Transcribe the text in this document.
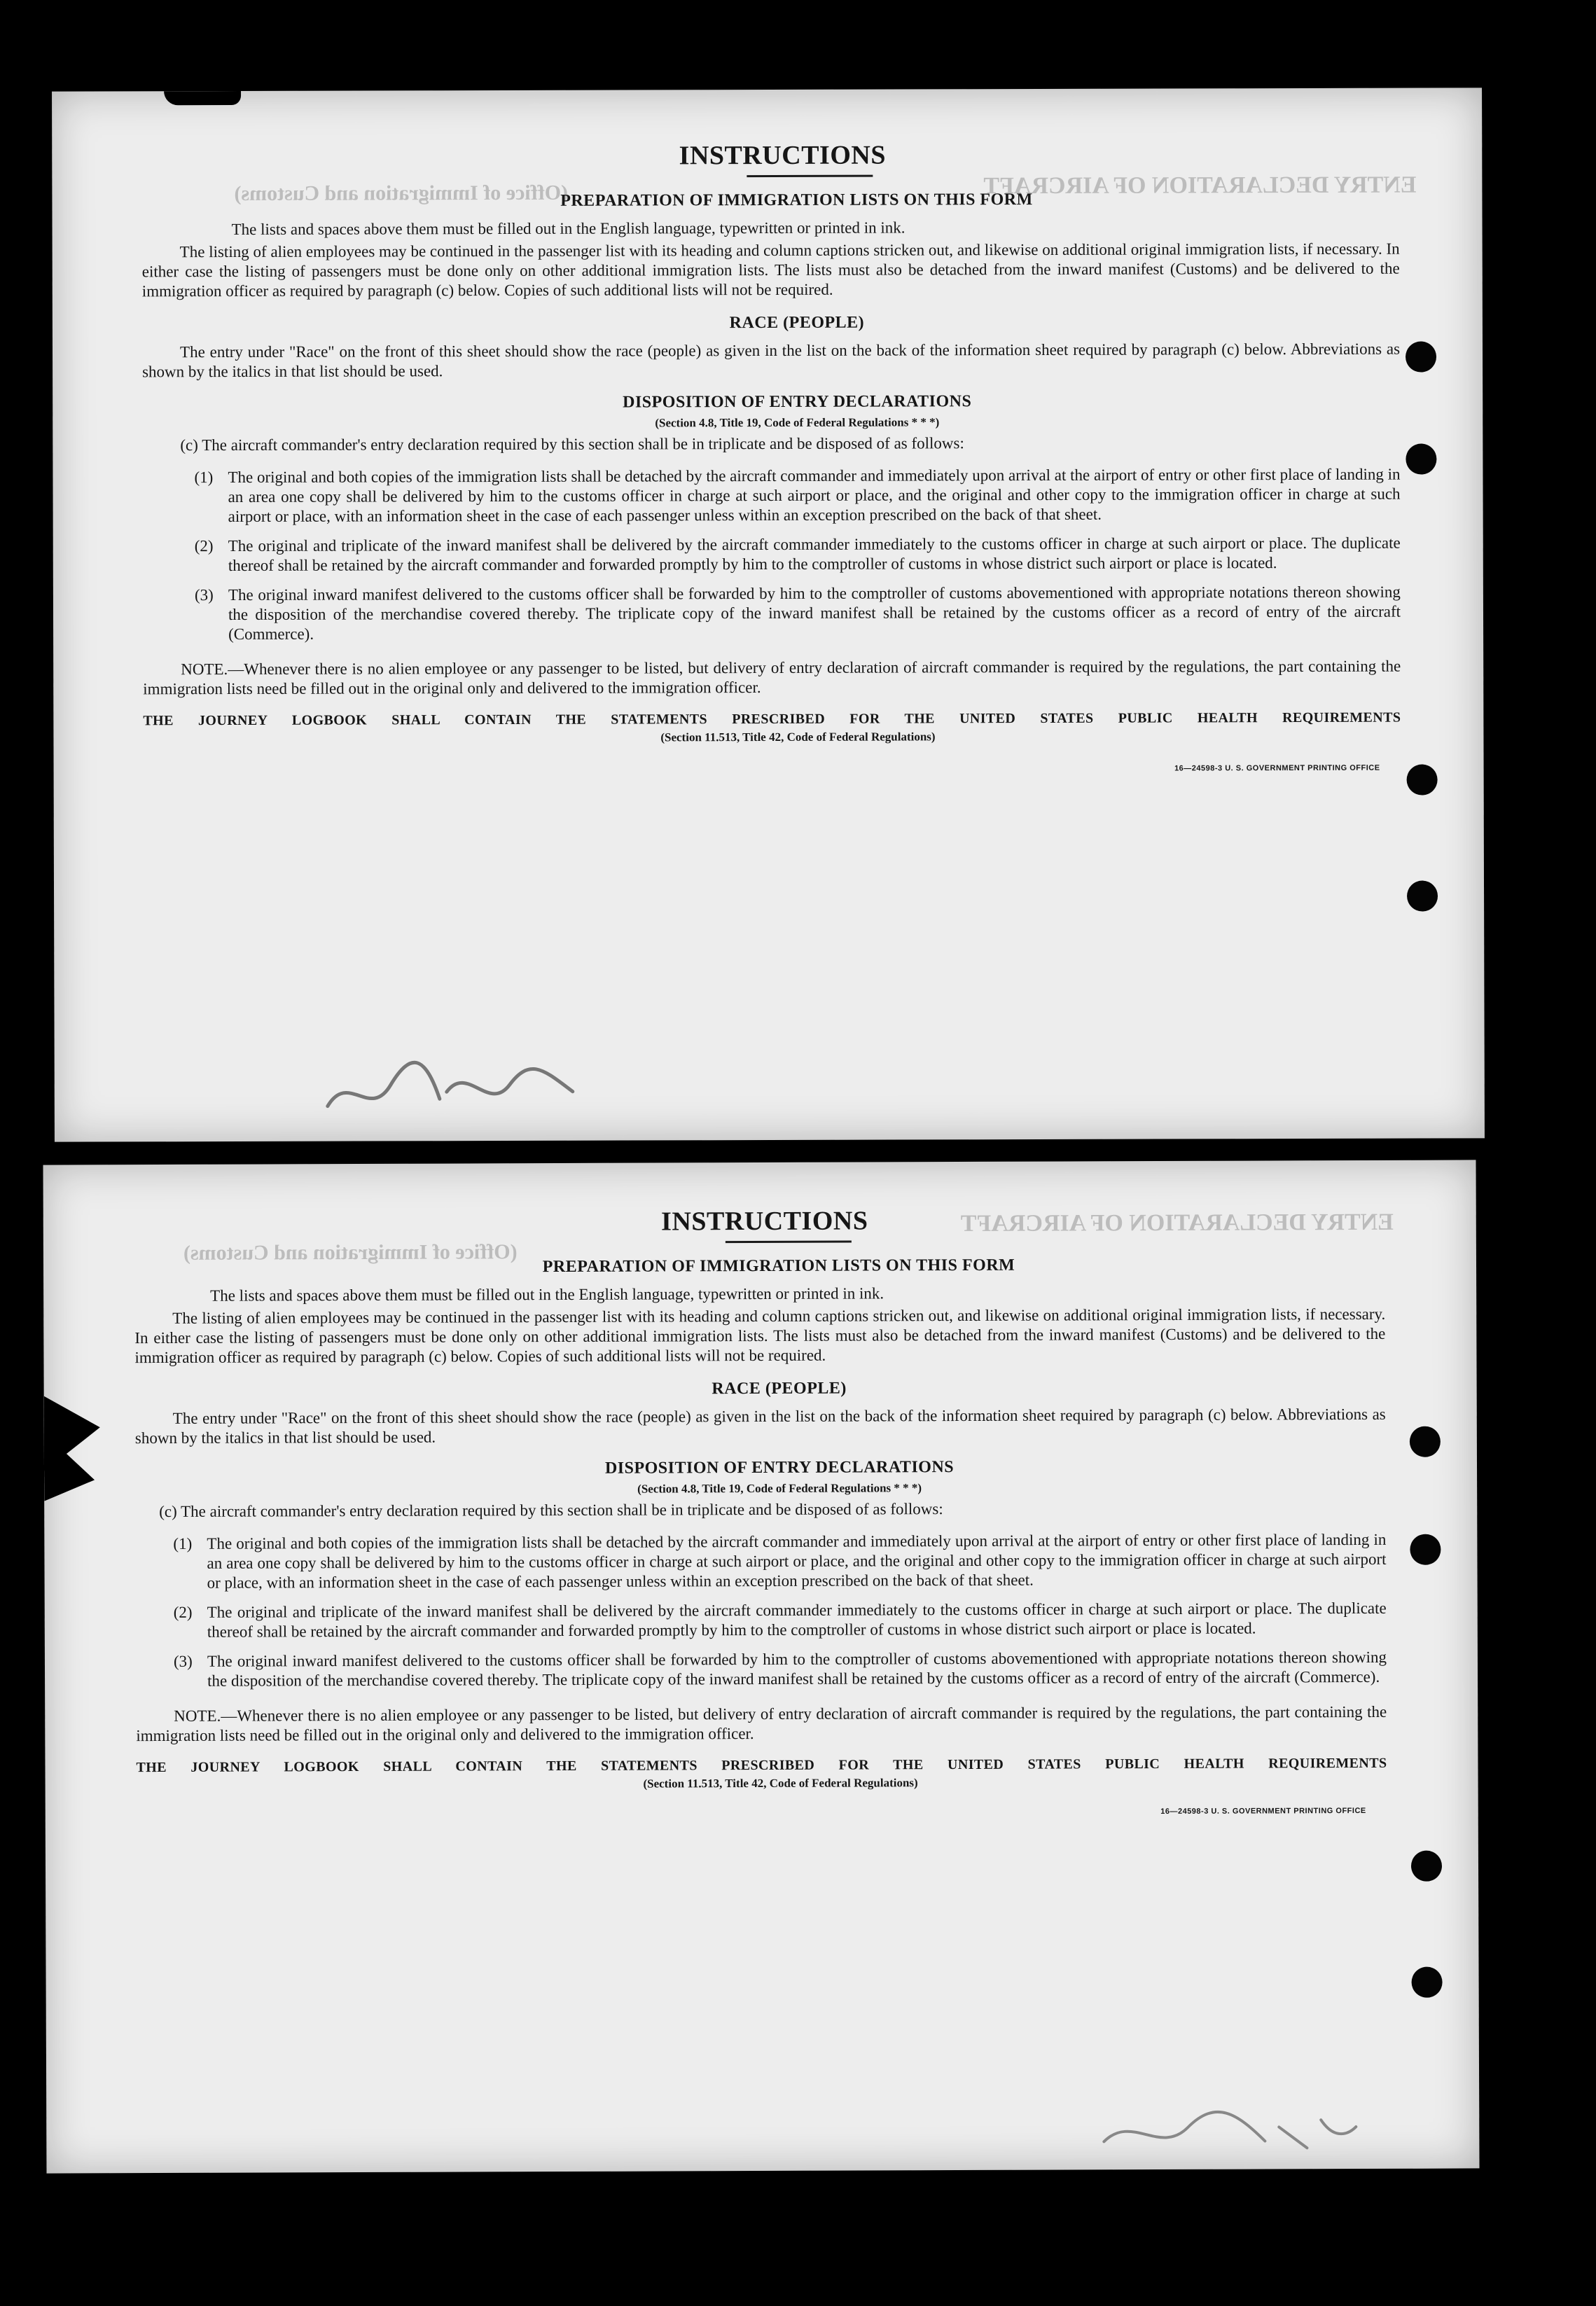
ENTRY DECLARATION OF AIRCRAFT
(Office of Immigration and Customs)
INSTRUCTIONS
PREPARATION OF IMMIGRATION LISTS ON THIS FORM
The lists and spaces above them must be filled out in the English language, typewritten or printed in ink.
The listing of alien employees may be continued in the passenger list with its heading and column captions stricken out, and likewise on additional original immigration lists, if necessary. In either case the listing of passengers must be done only on other additional immigration lists. The lists must also be detached from the inward manifest (Customs) and be delivered to the immigration officer as required by paragraph (c) below. Copies of such additional lists will not be required.
RACE (PEOPLE)
The entry under "Race" on the front of this sheet should show the race (people) as given in the list on the back of the information sheet required by paragraph (c) below. Abbreviations as shown by the italics in that list should be used.
DISPOSITION OF ENTRY DECLARATIONS
(Section 4.8, Title 19, Code of Federal Regulations * * *)
(c) The aircraft commander's entry declaration required by this section shall be in triplicate and be disposed of as follows:
(1) The original and both copies of the immigration lists shall be detached by the aircraft commander and immediately upon arrival at the airport of entry or other first place of landing in an area one copy shall be delivered by him to the customs officer in charge at such airport or place, and the original and other copy to the immigration officer in charge at such airport or place, with an information sheet in the case of each passenger unless within an exception prescribed on the back of that sheet.
(2) The original and triplicate of the inward manifest shall be delivered by the aircraft commander immediately to the customs officer in charge at such airport or place. The duplicate thereof shall be retained by the aircraft commander and forwarded promptly by him to the comptroller of customs in whose district such airport or place is located.
(3) The original inward manifest delivered to the customs officer shall be forwarded by him to the comptroller of customs abovementioned with appropriate notations thereon showing the disposition of the merchandise covered thereby. The triplicate copy of the inward manifest shall be retained by the customs officer as a record of entry of the aircraft (Commerce).
NOTE.—Whenever there is no alien employee or any passenger to be listed, but delivery of entry declaration of aircraft commander is required by the regulations, the part containing the immigration lists need be filled out in the original only and delivered to the immigration officer.
THE JOURNEY LOGBOOK SHALL CONTAIN THE STATEMENTS PRESCRIBED FOR THE UNITED STATES PUBLIC HEALTH REQUIREMENTS
(Section 11.513, Title 42, Code of Federal Regulations)
16—24598-3 U. S. GOVERNMENT PRINTING OFFICE
ENTRY DECLARATION OF AIRCRAFT
(Office of Immigration and Customs)
INSTRUCTIONS
PREPARATION OF IMMIGRATION LISTS ON THIS FORM
The lists and spaces above them must be filled out in the English language, typewritten or printed in ink.
The listing of alien employees may be continued in the passenger list with its heading and column captions stricken out, and likewise on additional original immigration lists, if necessary. In either case the listing of passengers must be done only on other additional immigration lists. The lists must also be detached from the inward manifest (Customs) and be delivered to the immigration officer as required by paragraph (c) below. Copies of such additional lists will not be required.
RACE (PEOPLE)
The entry under "Race" on the front of this sheet should show the race (people) as given in the list on the back of the information sheet required by paragraph (c) below. Abbreviations as shown by the italics in that list should be used.
DISPOSITION OF ENTRY DECLARATIONS
(Section 4.8, Title 19, Code of Federal Regulations * * *)
(c) The aircraft commander's entry declaration required by this section shall be in triplicate and be disposed of as follows:
(1) The original and both copies of the immigration lists shall be detached by the aircraft commander and immediately upon arrival at the airport of entry or other first place of landing in an area one copy shall be delivered by him to the customs officer in charge at such airport or place, and the original and other copy to the immigration officer in charge at such airport or place, with an information sheet in the case of each passenger unless within an exception prescribed on the back of that sheet.
(2) The original and triplicate of the inward manifest shall be delivered by the aircraft commander immediately to the customs officer in charge at such airport or place. The duplicate thereof shall be retained by the aircraft commander and forwarded promptly by him to the comptroller of customs in whose district such airport or place is located.
(3) The original inward manifest delivered to the customs officer shall be forwarded by him to the comptroller of customs abovementioned with appropriate notations thereon showing the disposition of the merchandise covered thereby. The triplicate copy of the inward manifest shall be retained by the customs officer as a record of entry of the aircraft (Commerce).
NOTE.—Whenever there is no alien employee or any passenger to be listed, but delivery of entry declaration of aircraft commander is required by the regulations, the part containing the immigration lists need be filled out in the original only and delivered to the immigration officer.
THE JOURNEY LOGBOOK SHALL CONTAIN THE STATEMENTS PRESCRIBED FOR THE UNITED STATES PUBLIC HEALTH REQUIREMENTS
(Section 11.513, Title 42, Code of Federal Regulations)
16—24598-3 U. S. GOVERNMENT PRINTING OFFICE
